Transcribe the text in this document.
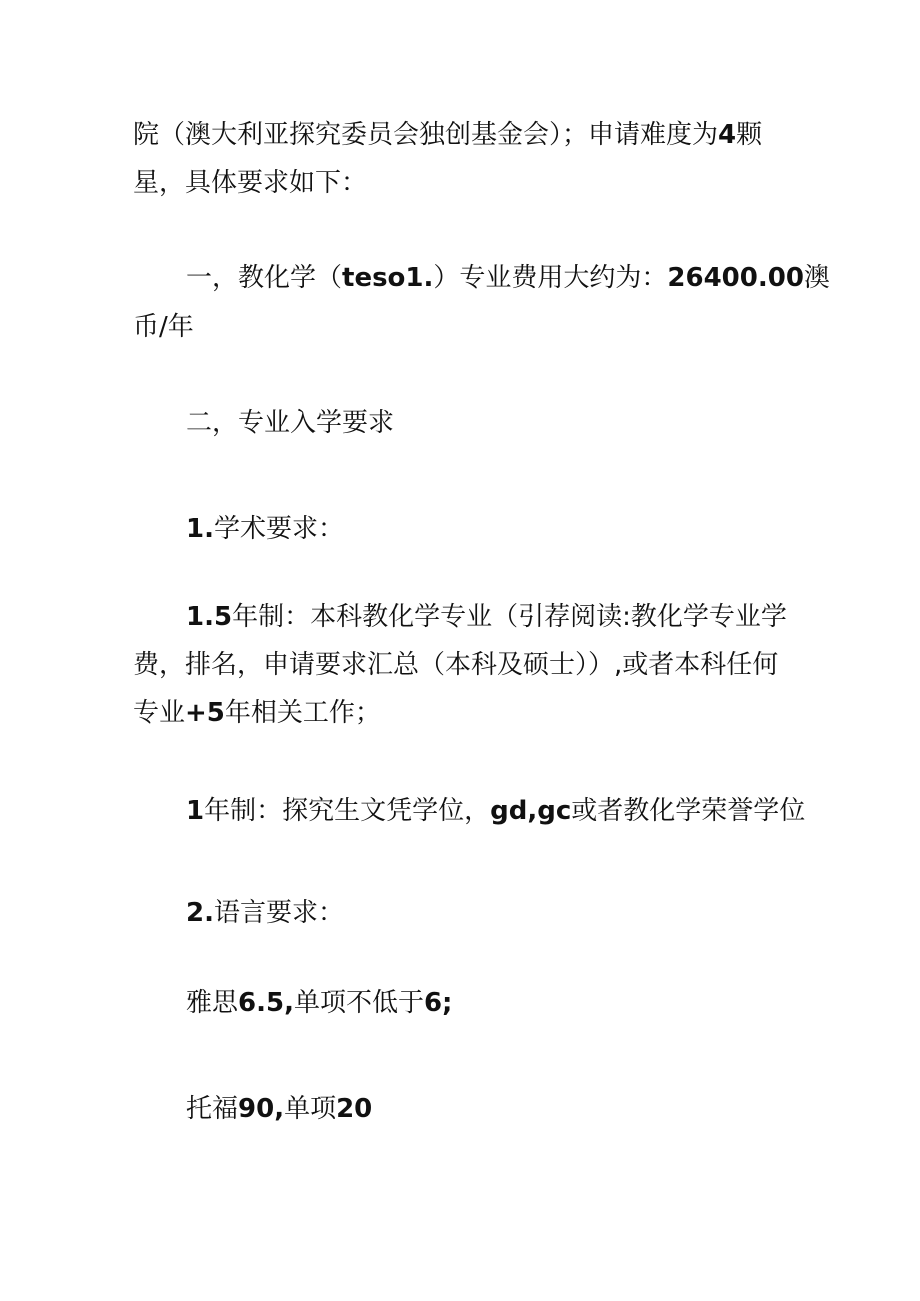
院（澳大利亚探究委员会独创基金会）；申请难度为4颗
星，具体要求如下：
一，教化学（teso1.）专业费用大约为：26400.00澳
币/年
二，专业入学要求
1.学术要求：
1.5年制：本科教化学专业（引荐阅读:教化学专业学
费，排名，申请要求汇总（本科及硕士））,或者本科任何
专业+5年相关工作；
1年制：探究生文凭学位，gd,gc或者教化学荣誉学位
2.语言要求：
雅思6.5,单项不低于6;
托福90,单项20
